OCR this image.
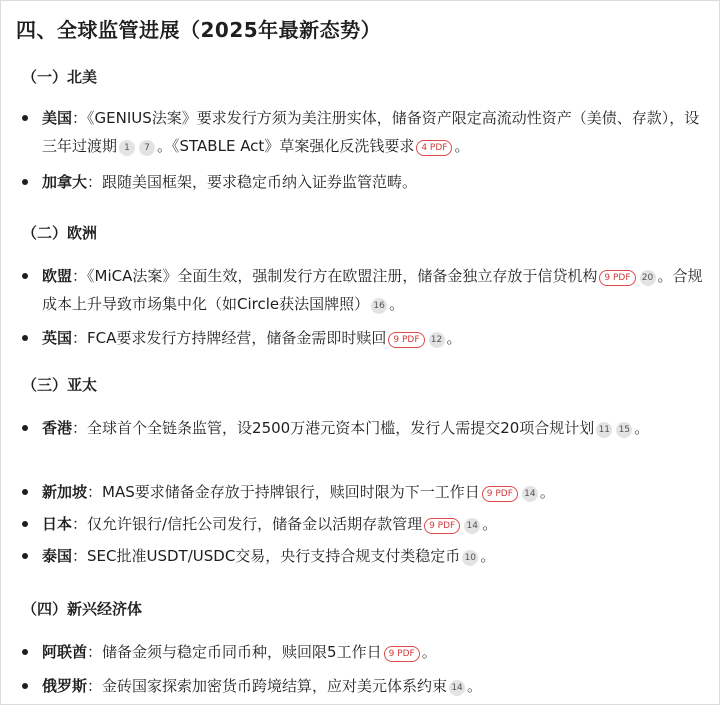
四、全球监管进展（2025年最新态势）
（一）北美
美国：《GENIUS法案》要求发行方须为美注册实体，储备资产限定高流动性资产（美债、存款），设三年过渡期 1 7 。《STABLE Act》草案强化反洗钱要求 4 PDF 。
加拿大：跟随美国框架，要求稳定币纳入证券监管范畴。
（二）欧洲
欧盟：《MiCA法案》全面生效，强制发行方在欧盟注册，储备金独立存放于信贷机构 9 PDF 20 。合规成本上升导致市场集中化（如Circle获法国牌照） 16 。
英国：FCA要求发行方持牌经营，储备金需即时赎回 9 PDF 12 。
（三）亚太
香港：全球首个全链条监管，设2500万港元资本门槛，发行人需提交20项合规计划 11 15 。
新加坡：MAS要求储备金存放于持牌银行，赎回时限为下一工作日 9 PDF 14 。
日本：仅允许银行/信托公司发行，储备金以活期存款管理 9 PDF 14 。
泰国：SEC批准USDT/USDC交易，央行支持合规支付类稳定币 10 。
（四）新兴经济体
阿联酋：储备金须与稳定币同币种，赎回限5工作日 9 PDF 。
俄罗斯：金砖国家探索加密货币跨境结算，应对美元体系约束 14 。
